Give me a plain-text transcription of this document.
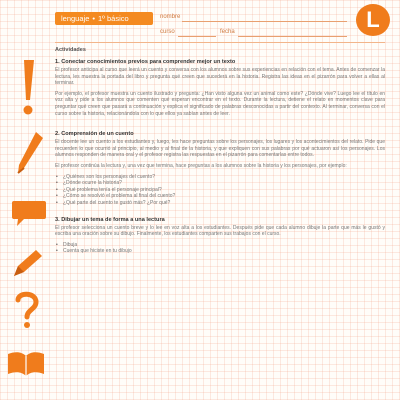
lenguaje • 1º básico	nombre
curso	fecha	L

Actividades

1. Conectar conocimientos previos para comprender mejor un texto

El profesor anticipa al curso que leerá un cuento y conversa con los alumnos sobre sus experiencias en relación con el tema. Antes de comenzar la lectura, les muestra la portada del libro y pregunta qué creen que sucederá en la historia. Registra las ideas en el pizarrón para volver a ellas al terminar.

Por ejemplo, el profesor muestra un cuento ilustrado y pregunta: ¿Han visto alguna vez un animal como este? ¿Dónde vive? Luego lee el título en voz alta y pide a los alumnos que comenten qué esperan encontrar en el texto. Durante la lectura, detiene el relato en momentos clave para preguntar qué creen que pasará a continuación y explica el significado de palabras desconocidas a partir del contexto. Al terminar, conversa con el curso sobre la historia, relacionándola con lo que ellos ya sabían antes de leer.

2. Comprensión de un cuento

El docente lee un cuento a los estudiantes y, luego, les hace preguntas sobre los personajes, los lugares y los acontecimientos del relato. Pide que recuerden lo que ocurrió al principio, al medio y al final de la historia, y que expliquen con sus palabras por qué actuaron así los personajes. Los alumnos responden de manera oral y el profesor registra las respuestas en el pizarrón para comentarlas entre todos.

El profesor continúa la lectura y, una vez que termina, hace preguntas a los alumnos sobre la historia y los personajes, por ejemplo:

• ¿Quiénes son los personajes del cuento?

• ¿Dónde ocurre la historia?

• ¿Qué problema tenía el personaje principal?

• ¿Cómo se resolvió el problema al final del cuento?

• ¿Qué parte del cuento te gustó más? ¿Por qué?

3. Dibujar un tema de forma a una lectura

El profesor selecciona un cuento breve y lo lee en voz alta a los estudiantes. Después pide que cada alumno dibuje la parte que más le gustó y escriba una oración sobre su dibujo. Finalmente, los estudiantes comparten sus trabajos con el curso.

• Dibuja

• Cuenta que hiciste en tu dibujo
